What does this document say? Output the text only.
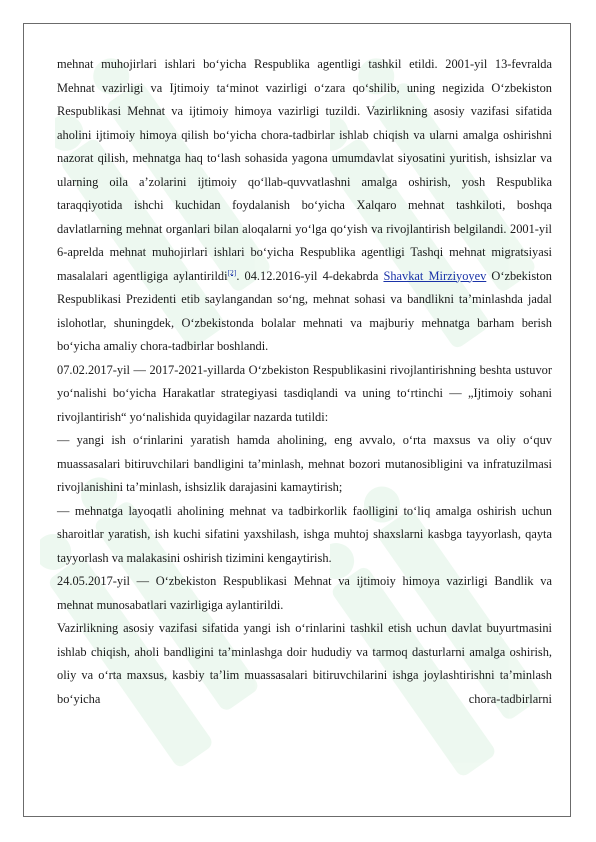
mehnat muhojirlari ishlari bo‘yicha Respublika agentligi tashkil etildi. 2001-yil 13-fevralda Mehnat vazirligi va Ijtimoiy ta‘minot vazirligi o‘zara qo‘shilib, uning negizida O‘zbekiston Respublikasi Mehnat va ijtimoiy himoya vazirligi tuzildi. Vazirlikning asosiy vazifasi sifatida aholini ijtimoiy himoya qilish bo‘yicha chora-tadbirlar ishlab chiqish va ularni amalga oshirishni nazorat qilish, mehnatga haq to‘lash sohasida yagona umumdavlat siyosatini yuritish, ishsizlar va ularning oila a’zolarini ijtimoiy qo‘llab-quvvatlashni amalga oshirish, yosh Respublika taraqqiyotida ishchi kuchidan foydalanish bo‘yicha Xalqaro mehnat tashkiloti, boshqa davlatlarning mehnat organlari bilan aloqalarni yo‘lga qo‘yish va rivojlantirish belgilandi. 2001-yil 6-aprelda mehnat muhojirlari ishlari bo‘yicha Respublika agentligi Tashqi mehnat migratsiyasi masalalari agentligiga aylantirildi[2]. 04.12.2016-yil 4-dekabrda Shavkat Mirziyoyev O‘zbekiston Respublikasi Prezidenti etib saylangandan so‘ng, mehnat sohasi va bandlikni ta’minlashda jadal islohotlar, shuningdek, O‘zbekistonda bolalar mehnati va majburiy mehnatga barham berish bo‘yicha amaliy chora-tadbirlar boshlandi.

07.02.2017-yil — 2017-2021-yillarda O‘zbekiston Respublikasini rivojlantirishning beshta ustuvor yo‘nalishi bo‘yicha Harakatlar strategiyasi tasdiqlandi va uning to‘rtinchi — „Ijtimoiy sohani rivojlantirish“ yo‘nalishida quyidagilar nazarda tutildi:

— yangi ish o‘rinlarini yaratish hamda aholining, eng avvalo, o‘rta maxsus va oliy o‘quv muassasalari bitiruvchilari bandligini ta’minlash, mehnat bozori mutanosibligini va infratuzilmasi rivojlanishini ta’minlash, ishsizlik darajasini kamaytirish;

— mehnatga layoqatli aholining mehnat va tadbirkorlik faolligini to‘liq amalga oshirish uchun sharoitlar yaratish, ish kuchi sifatini yaxshilash, ishga muhtoj shaxslarni kasbga tayyorlash, qayta tayyorlash va malakasini oshirish tizimini kengaytirish.

24.05.2017-yil — O‘zbekiston Respublikasi Mehnat va ijtimoiy himoya vazirligi Bandlik va mehnat munosabatlari vazirligiga aylantirildi.

Vazirlikning asosiy vazifasi sifatida yangi ish o‘rinlarini tashkil etish uchun davlat buyurtmasini ishlab chiqish, aholi bandligini ta’minlashga doir hududiy va tarmoq dasturlarni amalga oshirish, oliy va o‘rta maxsus, kasbiy ta’lim muassasalari bitiruvchilarini ishga joylashtirishni ta’minlash bo‘yicha chora-tadbirlarni
